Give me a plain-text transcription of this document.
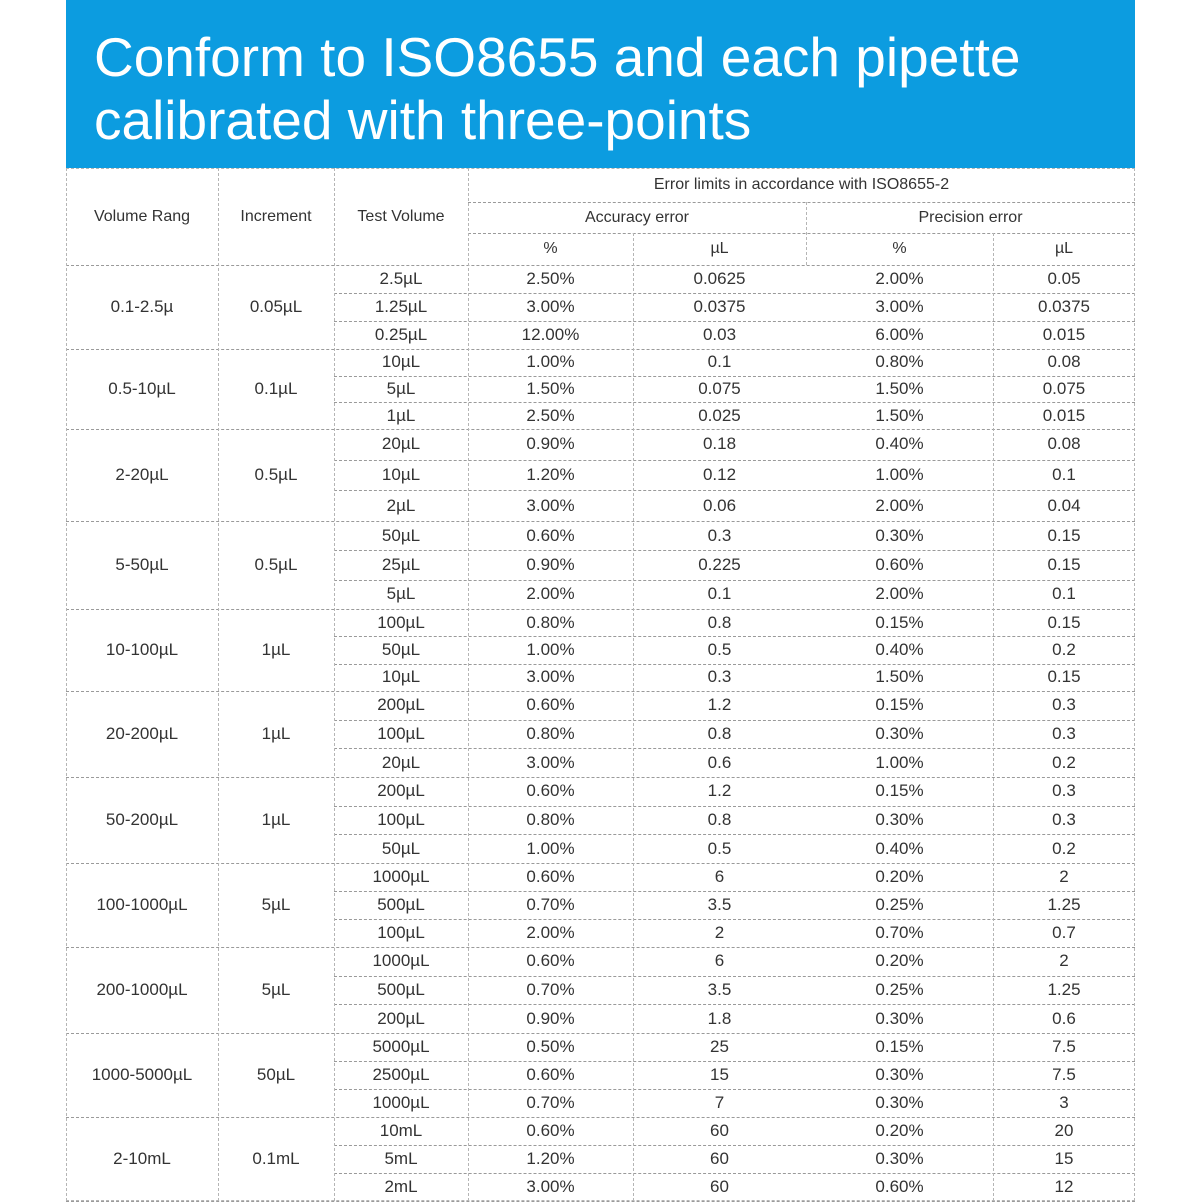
Conform to ISO8655 and each pipette
calibrated with three-points
Volume Rang	Increment	Test Volume
Error limits in accordance with ISO8655-2
Accuracy error	Precision error
%	µL	%	µL
0.1-2.5µ	0.05µL
2.5µL	2.50%	0.0625	2.00%	0.05
1.25µL	3.00%	0.0375	3.00%	0.0375
0.25µL	12.00%	0.03	6.00%	0.015
0.5-10µL	0.1µL
10µL	1.00%	0.1	0.80%	0.08
5µL	1.50%	0.075	1.50%	0.075
1µL	2.50%	0.025	1.50%	0.015
2-20µL	0.5µL
20µL	0.90%	0.18	0.40%	0.08
10µL	1.20%	0.12	1.00%	0.1
2µL	3.00%	0.06	2.00%	0.04
5-50µL	0.5µL
50µL	0.60%	0.3	0.30%	0.15
25µL	0.90%	0.225	0.60%	0.15
5µL	2.00%	0.1	2.00%	0.1
10-100µL	1µL
100µL	0.80%	0.8	0.15%	0.15
50µL	1.00%	0.5	0.40%	0.2
10µL	3.00%	0.3	1.50%	0.15
20-200µL	1µL
200µL	0.60%	1.2	0.15%	0.3
100µL	0.80%	0.8	0.30%	0.3
20µL	3.00%	0.6	1.00%	0.2
50-200µL	1µL
200µL	0.60%	1.2	0.15%	0.3
100µL	0.80%	0.8	0.30%	0.3
50µL	1.00%	0.5	0.40%	0.2
100-1000µL	5µL
1000µL	0.60%	6	0.20%	2
500µL	0.70%	3.5	0.25%	1.25
100µL	2.00%	2	0.70%	0.7
200-1000µL	5µL
1000µL	0.60%	6	0.20%	2
500µL	0.70%	3.5	0.25%	1.25
200µL	0.90%	1.8	0.30%	0.6
1000-5000µL	50µL
5000µL	0.50%	25	0.15%	7.5
2500µL	0.60%	15	0.30%	7.5
1000µL	0.70%	7	0.30%	3
2-10mL	0.1mL
10mL	0.60%	60	0.20%	20
5mL	1.20%	60	0.30%	15
2mL	3.00%	60	0.60%	12
